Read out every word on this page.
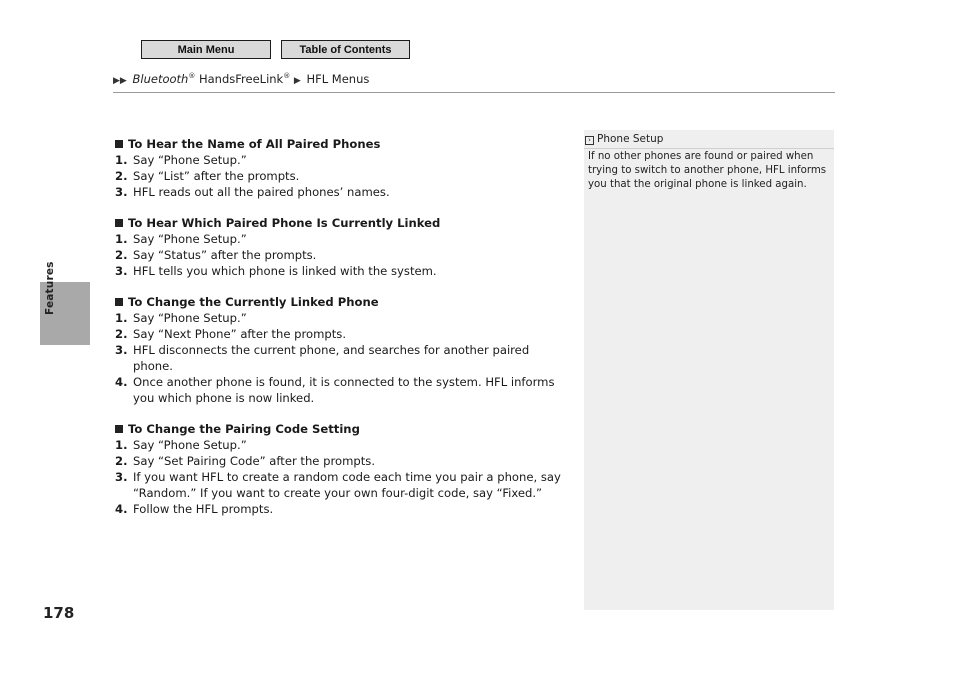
Main Menu	Table of Contents
▶▶ Bluetooth® HandsFreeLink® ▶ HFL Menus
Features
178
To Hear the Name of All Paired Phones
1. Say “Phone Setup.”
2. Say “List” after the prompts.
3. HFL reads out all the paired phones’ names.
To Hear Which Paired Phone Is Currently Linked
1. Say “Phone Setup.”
2. Say “Status” after the prompts.
3. HFL tells you which phone is linked with the system.
To Change the Currently Linked Phone
1. Say “Phone Setup.”
2. Say “Next Phone” after the prompts.
3. HFL disconnects the current phone, and searches for another paired phone.
4. Once another phone is found, it is connected to the system. HFL informs you which phone is now linked.
To Change the Pairing Code Setting
1. Say “Phone Setup.”
2. Say “Set Pairing Code” after the prompts.
3. If you want HFL to create a random code each time you pair a phone, say “Random.” If you want to create your own four-digit code, say “Fixed.”
4. Follow the HFL prompts.
› Phone Setup
If no other phones are found or paired when trying to switch to another phone, HFL informs you that the original phone is linked again.
